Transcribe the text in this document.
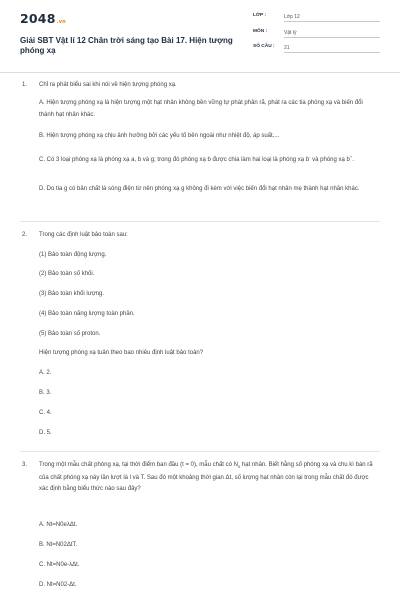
2048.vn
Giải SBT Vật lí 12 Chân trời sáng tạo Bài 17. Hiện tượng phóng xạ
LỚP :	Lớp 12
MÔN :	Vật lý
SỐ CÂU : 21
1. Chỉ ra phát biểu sai khi nói về hiện tượng phóng xạ.
A. Hiện tượng phóng xạ là hiện tượng một hạt nhân không bền vững tự phát phân rã, phát ra các tia phóng xạ và biến đổi thành hạt nhân khác.
B. Hiện tượng phóng xạ chịu ảnh hưởng bởi các yếu tố bên ngoài như nhiệt độ, áp suất,...
C. Có 3 loại phóng xạ là phóng xạ a, b và g; trong đó phóng xạ b được chia làm hai loại là phóng xạ b- và phóng xạ b+.
D. Do tia g có bản chất là sóng điện từ nên phóng xạ g không đi kèm với việc biến đổi hạt nhân mẹ thành hạt nhân khác.
2. Trong các định luật bảo toàn sau:
(1) Bảo toàn động lượng.
(2) Bảo toàn số khối.
(3) Bảo toàn khối lượng.
(4) Bảo toàn năng lượng toàn phần.
(5) Bảo toàn số proton.
Hiện tượng phóng xạ tuân theo bao nhiêu định luật bảo toàn?
A. 2.
B. 3.
C. 4.
D. 5.
3. Trong một mẫu chất phóng xạ, tại thời điểm ban đầu (t = 0), mẫu chất có $N_0$ hạt nhân. Biết hằng số phóng xạ và chu kì bán rã của chất phóng xạ này lần lượt là l và T. Sau đó một khoảng thời gian Δt, số lượng hạt nhân còn lại trong mẫu chất đó được xác định bằng biểu thức nào sau đây?
A. Nt=N0eλΔt.
B. Nt=N02ΔtT.
C. Nt=N0e-λΔt.
D. Nt=N02-Δt.
